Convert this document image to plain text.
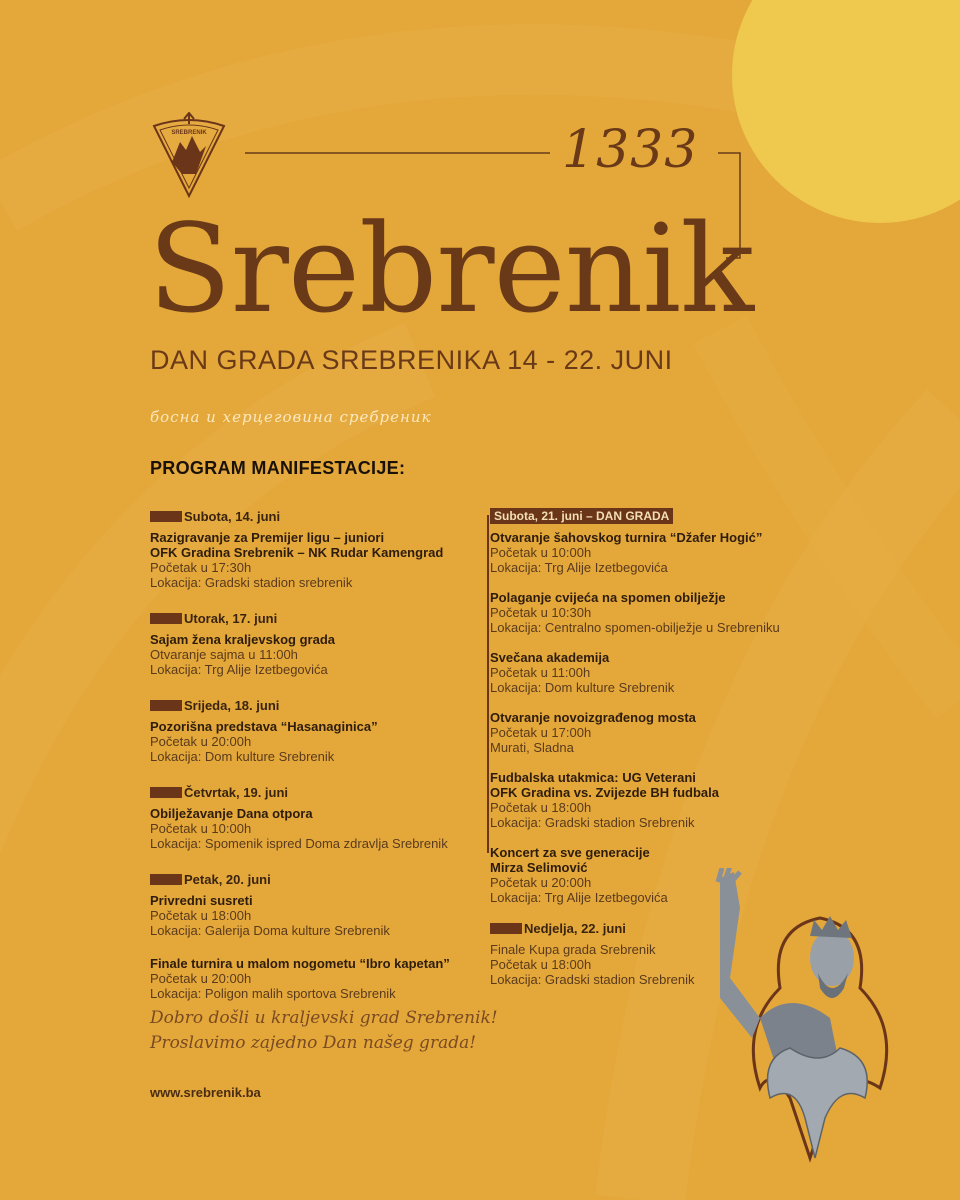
SREBRENIK	1333
Srebrenik
DAN GRADA SREBRENIKA 14 - 22. JUNI
босна и херцеговина сребреник
PROGRAM MANIFESTACIJE:
Subota, 14. juni
Razigravanje za Premijer ligu – juniori
OFK Gradina Srebrenik – NK Rudar Kamengrad
Početak u 17:30h
Lokacija: Gradski stadion srebrenik
Utorak, 17. juni
Sajam žena kraljevskog grada
Otvaranje sajma u 11:00h
Lokacija: Trg Alije Izetbegovića
Srijeda, 18. juni
Pozorišna predstava “Hasanaginica”
Početak u 20:00h
Lokacija: Dom kulture Srebrenik
Četvrtak, 19. juni
Obilježavanje Dana otpora
Početak u 10:00h
Lokacija: Spomenik ispred Doma zdravlja Srebrenik
Petak, 20. juni
Privredni susreti
Početak u 18:00h
Lokacija: Galerija Doma kulture Srebrenik
Finale turnira u malom nogometu “Ibro kapetan”
Početak u 20:00h
Lokacija: Poligon malih sportova Srebrenik
Subota, 21. juni – DAN GRADA
Otvaranje šahovskog turnira “Džafer Hogić”
Početak u 10:00h
Lokacija: Trg Alije Izetbegovića
Polaganje cvijeća na spomen obilježje
Početak u 10:30h
Lokacija: Centralno spomen-obilježje u Srebreniku
Svečana akademija
Početak u 11:00h
Lokacija: Dom kulture Srebrenik
Otvaranje novoizgrađenog mosta
Početak u 17:00h
Murati, Sladna
Fudbalska utakmica: UG Veterani
OFK Gradina vs. Zvijezde BH fudbala
Početak u 18:00h
Lokacija: Gradski stadion Srebrenik
Koncert za sve generacije
Mirza Selimović
Početak u 20:00h
Lokacija: Trg Alije Izetbegovića
Nedjelja, 22. juni
Finale Kupa grada Srebrenik
Početak u 18:00h
Lokacija: Gradski stadion Srebrenik
Dobro došli u kraljevski grad Srebrenik!
Proslavimo zajedno Dan našeg grada!
www.srebrenik.ba
